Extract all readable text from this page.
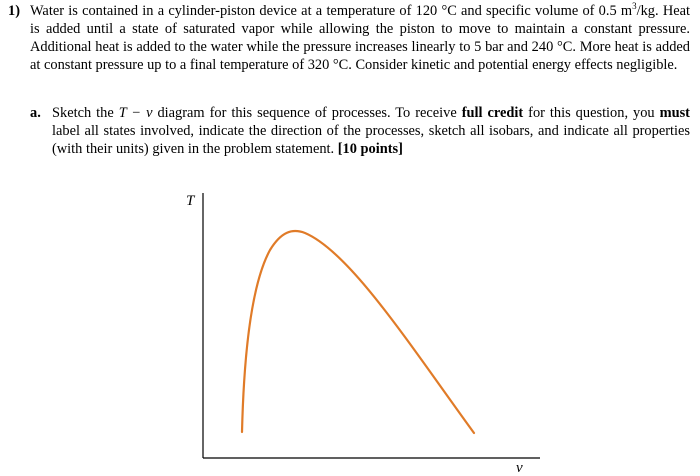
1) Water is contained in a cylinder-piston device at a temperature of 120 °C and specific volume of 0.5 $m^3/kg$. Heat is added until a state of saturated vapor while allowing the piston to move to maintain a constant pressure. Additional heat is added to the water while the pressure increases linearly to 5 bar and 240 °C. More heat is added at constant pressure up to a final temperature of 320 °C. Consider kinetic and potential energy effects negligible.
a. Sketch the T − v diagram for this sequence of processes. To receive full credit for this question, you must label all states involved, indicate the direction of the processes, sketch all isobars, and indicate all properties (with their units) given in the problem statement. [10 points]
T
v
